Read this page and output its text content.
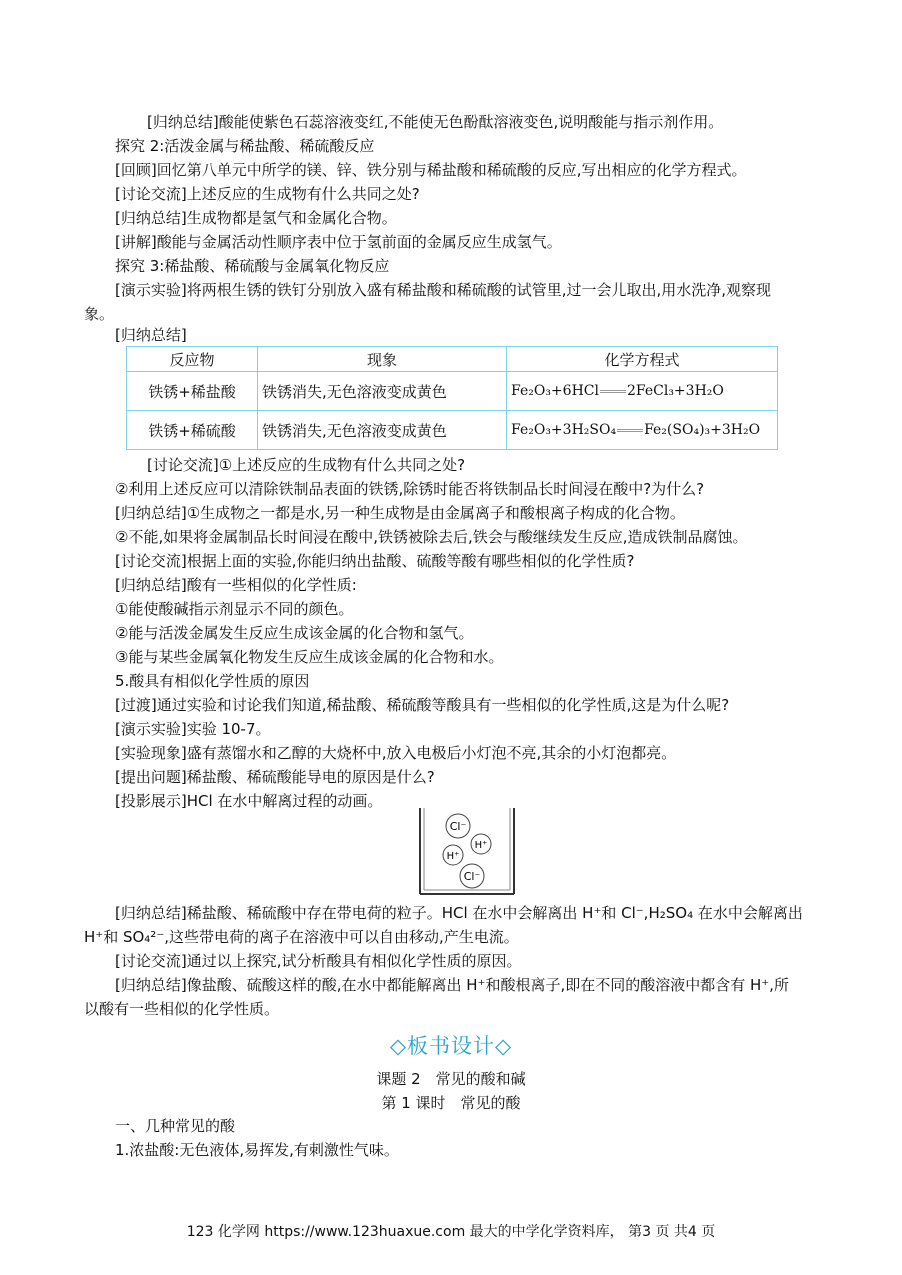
[归纳总结]酸能使紫色石蕊溶液变红,不能使无色酚酞溶液变色,说明酸能与指示剂作用。
探究 2:活泼金属与稀盐酸、稀硫酸反应
[回顾]回忆第八单元中所学的镁、锌、铁分别与稀盐酸和稀硫酸的反应,写出相应的化学方程式。
[讨论交流]上述反应的生成物有什么共同之处?
[归纳总结]生成物都是氢气和金属化合物。
[讲解]酸能与金属活动性顺序表中位于氢前面的金属反应生成氢气。
探究 3:稀盐酸、稀硫酸与金属氧化物反应
[演示实验]将两根生锈的铁钉分别放入盛有稀盐酸和稀硫酸的试管里,过一会儿取出,用水洗净,观察现
象。
[归纳总结]
反应物	现象	化学方程式
铁锈+稀盐酸	铁锈消失,无色溶液变成黄色	Fe₂O₃+6HCl 2FeCl₃+3H₂O
铁锈+稀硫酸	铁锈消失,无色溶液变成黄色	Fe₂O₃+3H₂SO₄ Fe₂(SO₄)₃+3H₂O
[讨论交流]①上述反应的生成物有什么共同之处?
②利用上述反应可以清除铁制品表面的铁锈,除锈时能否将铁制品长时间浸在酸中?为什么?
[归纳总结]①生成物之一都是水,另一种生成物是由金属离子和酸根离子构成的化合物。
②不能,如果将金属制品长时间浸在酸中,铁锈被除去后,铁会与酸继续发生反应,造成铁制品腐蚀。
[讨论交流]根据上面的实验,你能归纳出盐酸、硫酸等酸有哪些相似的化学性质?
[归纳总结]酸有一些相似的化学性质:
①能使酸碱指示剂显示不同的颜色。
②能与活泼金属发生反应生成该金属的化合物和氢气。
③能与某些金属氧化物发生反应生成该金属的化合物和水。
5.酸具有相似化学性质的原因
[过渡]通过实验和讨论我们知道,稀盐酸、稀硫酸等酸具有一些相似的化学性质,这是为什么呢?
[演示实验]实验 10-7。
[实验现象]盛有蒸馏水和乙醇的大烧杯中,放入电极后小灯泡不亮,其余的小灯泡都亮。
[提出问题]稀盐酸、稀硫酸能导电的原因是什么?
[投影展示]HCl 在水中解离过程的动画。
Cl⁻
H⁺
H⁺
Cl⁻
[归纳总结]稀盐酸、稀硫酸中存在带电荷的粒子。HCl 在水中会解离出 H⁺和 Cl⁻,H₂SO₄ 在水中会解离出
H⁺和 SO₄²⁻,这些带电荷的离子在溶液中可以自由移动,产生电流。
[讨论交流]通过以上探究,试分析酸具有相似化学性质的原因。
[归纳总结]像盐酸、硫酸这样的酸,在水中都能解离出 H⁺和酸根离子,即在不同的酸溶液中都含有 H⁺,所
以酸有一些相似的化学性质。
◇板书设计◇
课题 2　常见的酸和碱
第 1 课时　常见的酸
一、几种常见的酸
1.浓盐酸:无色液体,易挥发,有刺激性气味。
123 化学网 https://www.123huaxue.com 最大的中学化学资料库， 第3 页 共4 页
